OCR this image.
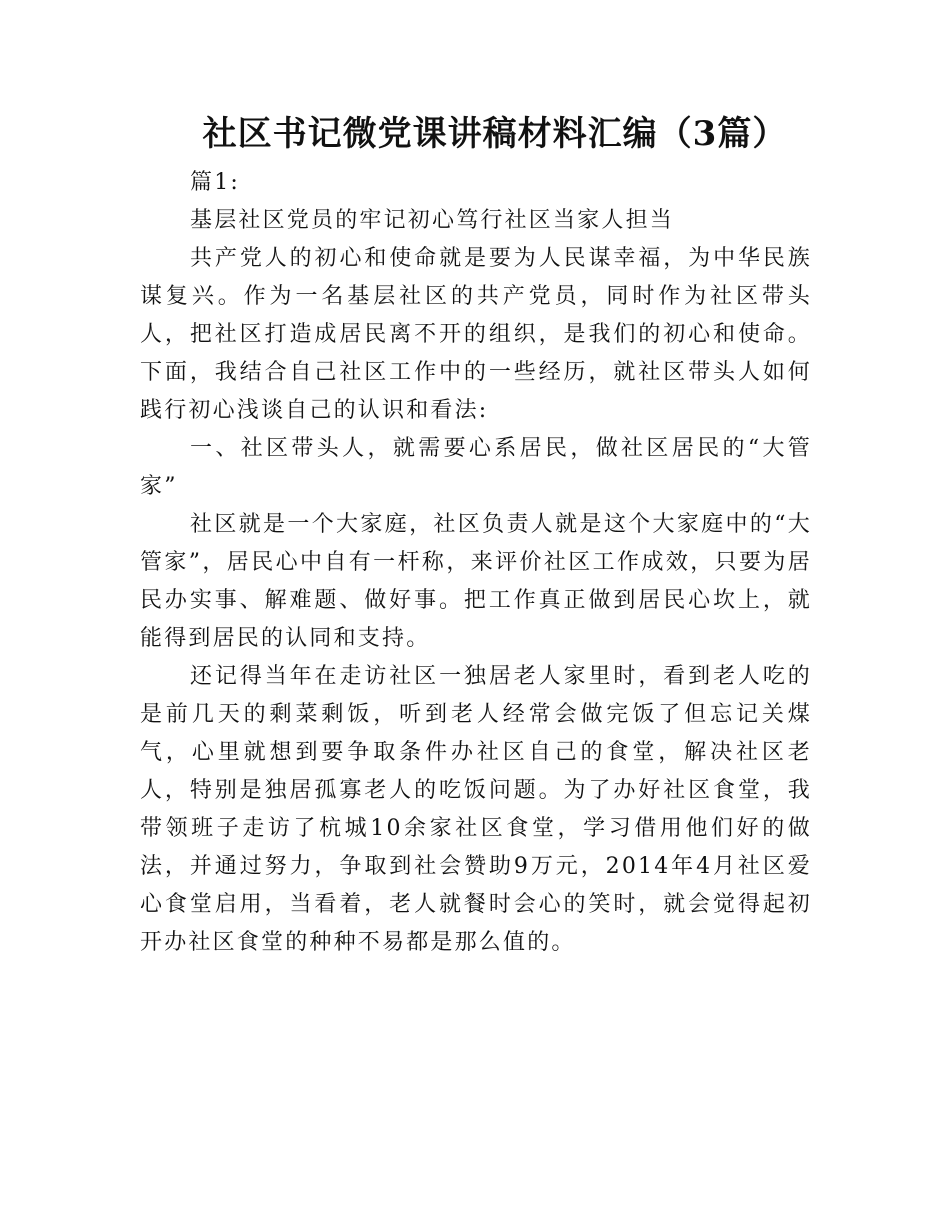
社区书记微党课讲稿材料汇编（3篇）

篇1:

基层社区党员的牢记初心笃行社区当家人担当

共产党人的初心和使命就是要为人民谋幸福，为中华民族谋复兴。作为一名基层社区的共产党员，同时作为社区带头人，把社区打造成居民离不开的组织，是我们的初心和使命。下面，我结合自己社区工作中的一些经历，就社区带头人如何践行初心浅谈自己的认识和看法:

一、社区带头人，就需要心系居民，做社区居民的“大管家”

社区就是一个大家庭，社区负责人就是这个大家庭中的“大管家”，居民心中自有一杆称，来评价社区工作成效，只要为居民办实事、解难题、做好事。把工作真正做到居民心坎上，就能得到居民的认同和支持。

还记得当年在走访社区一独居老人家里时，看到老人吃的是前几天的剩菜剩饭，听到老人经常会做完饭了但忘记关煤气，心里就想到要争取条件办社区自己的食堂，解决社区老人，特别是独居孤寡老人的吃饭问题。为了办好社区食堂，我带领班子走访了杭城10余家社区食堂，学习借用他们好的做法，并通过努力，争取到社会赞助9万元，2014年4月社区爱心食堂启用，当看着，老人就餐时会心的笑时，就会觉得起初开办社区食堂的种种不易都是那么值的。
